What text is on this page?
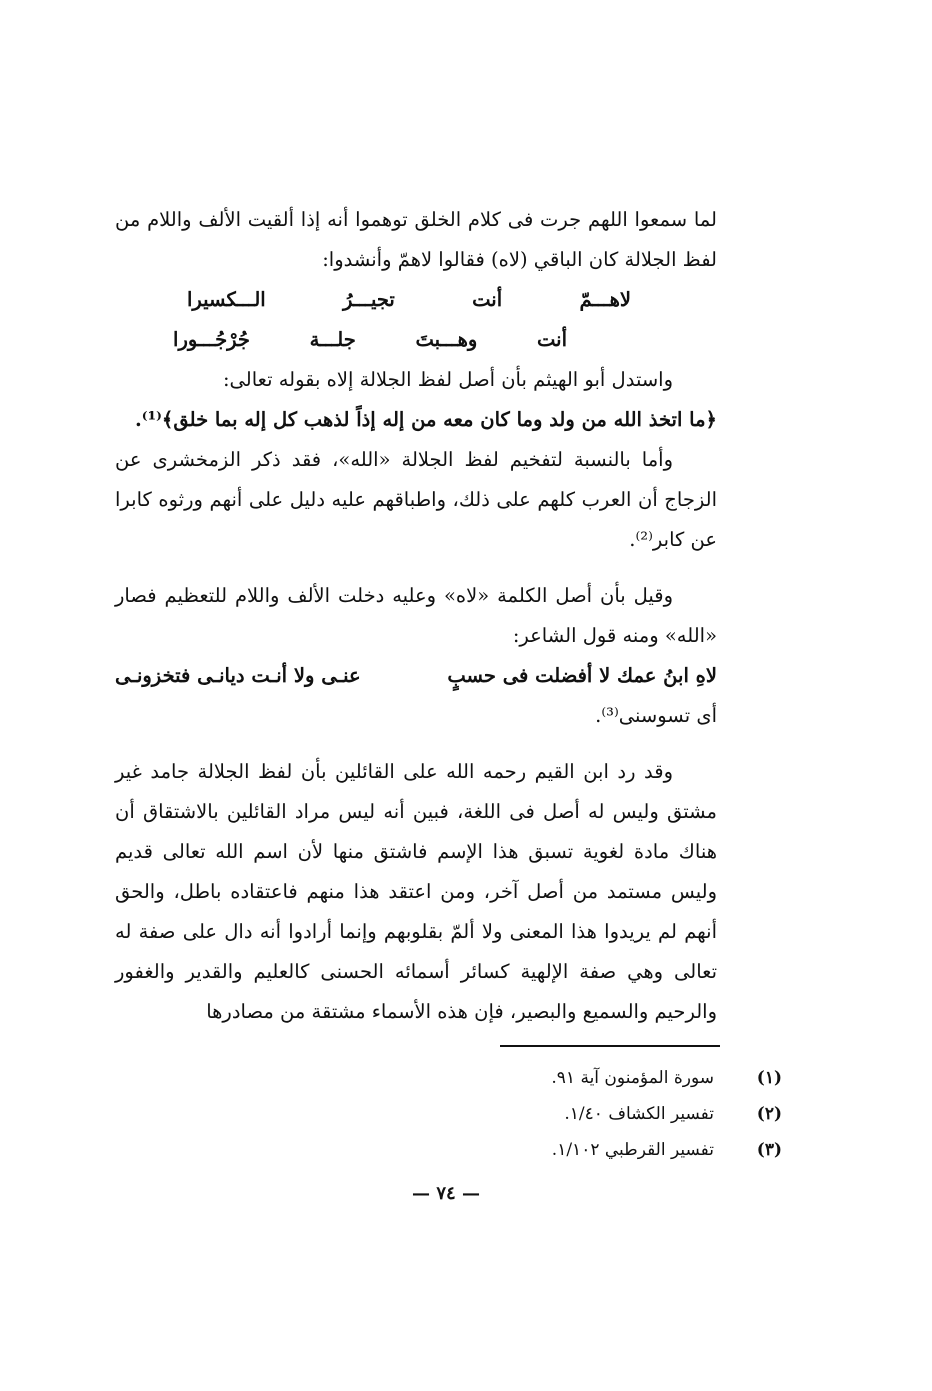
لما سمعوا اللهم جرت فى كلام الخلق توهموا أنه إذا ألقيت الألف واللام من لفظ الجلالة كان الباقي (لاه) فقالوا لاهمّ وأنشدوا:

لاهـــمّ
أنت
تجيـــرُ
الـــكسيرا
أنت
وهـــبتَ
جلـــة
جُرْجُـــورا

واستدل أبو الهيثم بأن أصل لفظ الجلالة إلاه بقوله تعالى:

﴿ما اتخذ الله من ولد وما كان معه من إله إذاً لذهب كل إله بما خلق﴾⁽¹⁾.

وأما بالنسبة لتفخيم لفظ الجلالة «الله»، فقد ذكر الزمخشرى عن الزجاج أن العرب كلهم على ذلك، واطباقهم عليه دليل على أنهم ورثوه كابرا عن كابر⁽²⁾.

وقيل بأن أصل الكلمة «لاه» وعليه دخلت الألف واللام للتعظيم فصار «الله» ومنه قول الشاعر:

لاهِ ابنُ عمك لا أفضلت فى حسبٍ
عنـى ولا أنـت ديانـى فتخزونـى

أى تسوسنى⁽³⁾.

وقد رد ابن القيم رحمه الله على القائلين بأن لفظ الجلالة جامد غير مشتق وليس له أصل فى اللغة، فبين أنه ليس مراد القائلين بالاشتقاق أن هناك مادة لغوية تسبق هذا الإسم فاشتق منها لأن اسم الله تعالى قديم وليس مستمد من أصل آخر، ومن اعتقد هذا منهم فاعتقاده باطل، والحق أنهم لم يريدوا هذا المعنى ولا ألمّ بقلوبهم وإنما أرادوا أنه دال على صفة له تعالى وهي صفة الإلهية كسائر أسمائه الحسنى كالعليم والقدير والغفور والرحيم والسميع والبصير، فإن هذه الأسماء مشتقة من مصادرها

(١)
سورة المؤمنون آية ٩١.
(٢)
تفسير الكشاف ١/٤٠.
(٣)
تفسير القرطبي ١/١٠٢.
— ٧٤ —
